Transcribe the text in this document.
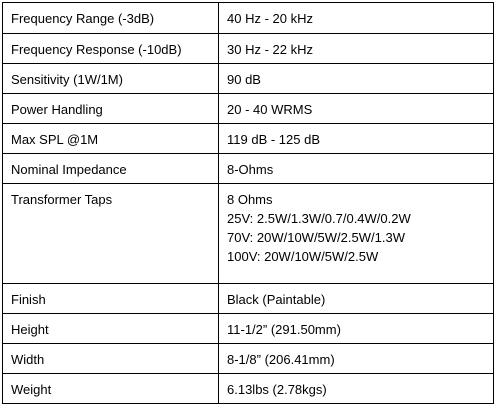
Frequency Range (-3dB)	40 Hz - 20 kHz
Frequency Response (-10dB)	30 Hz - 22 kHz
Sensitivity (1W/1M)	90 dB
Power Handling	20 - 40 WRMS
Max SPL @1M	119 dB - 125 dB
Nominal Impedance	8-Ohms
Transformer Taps	8 Ohms
25V: 2.5W/1.3W/0.7/0.4W/0.2W
70V: 20W/10W/5W/2.5W/1.3W
100V: 20W/10W/5W/2.5W

Finish	Black (Paintable)
Height	11-1/2” (291.50mm)
Width	8-1/8” (206.41mm)
Weight	6.13lbs (2.78kgs)
